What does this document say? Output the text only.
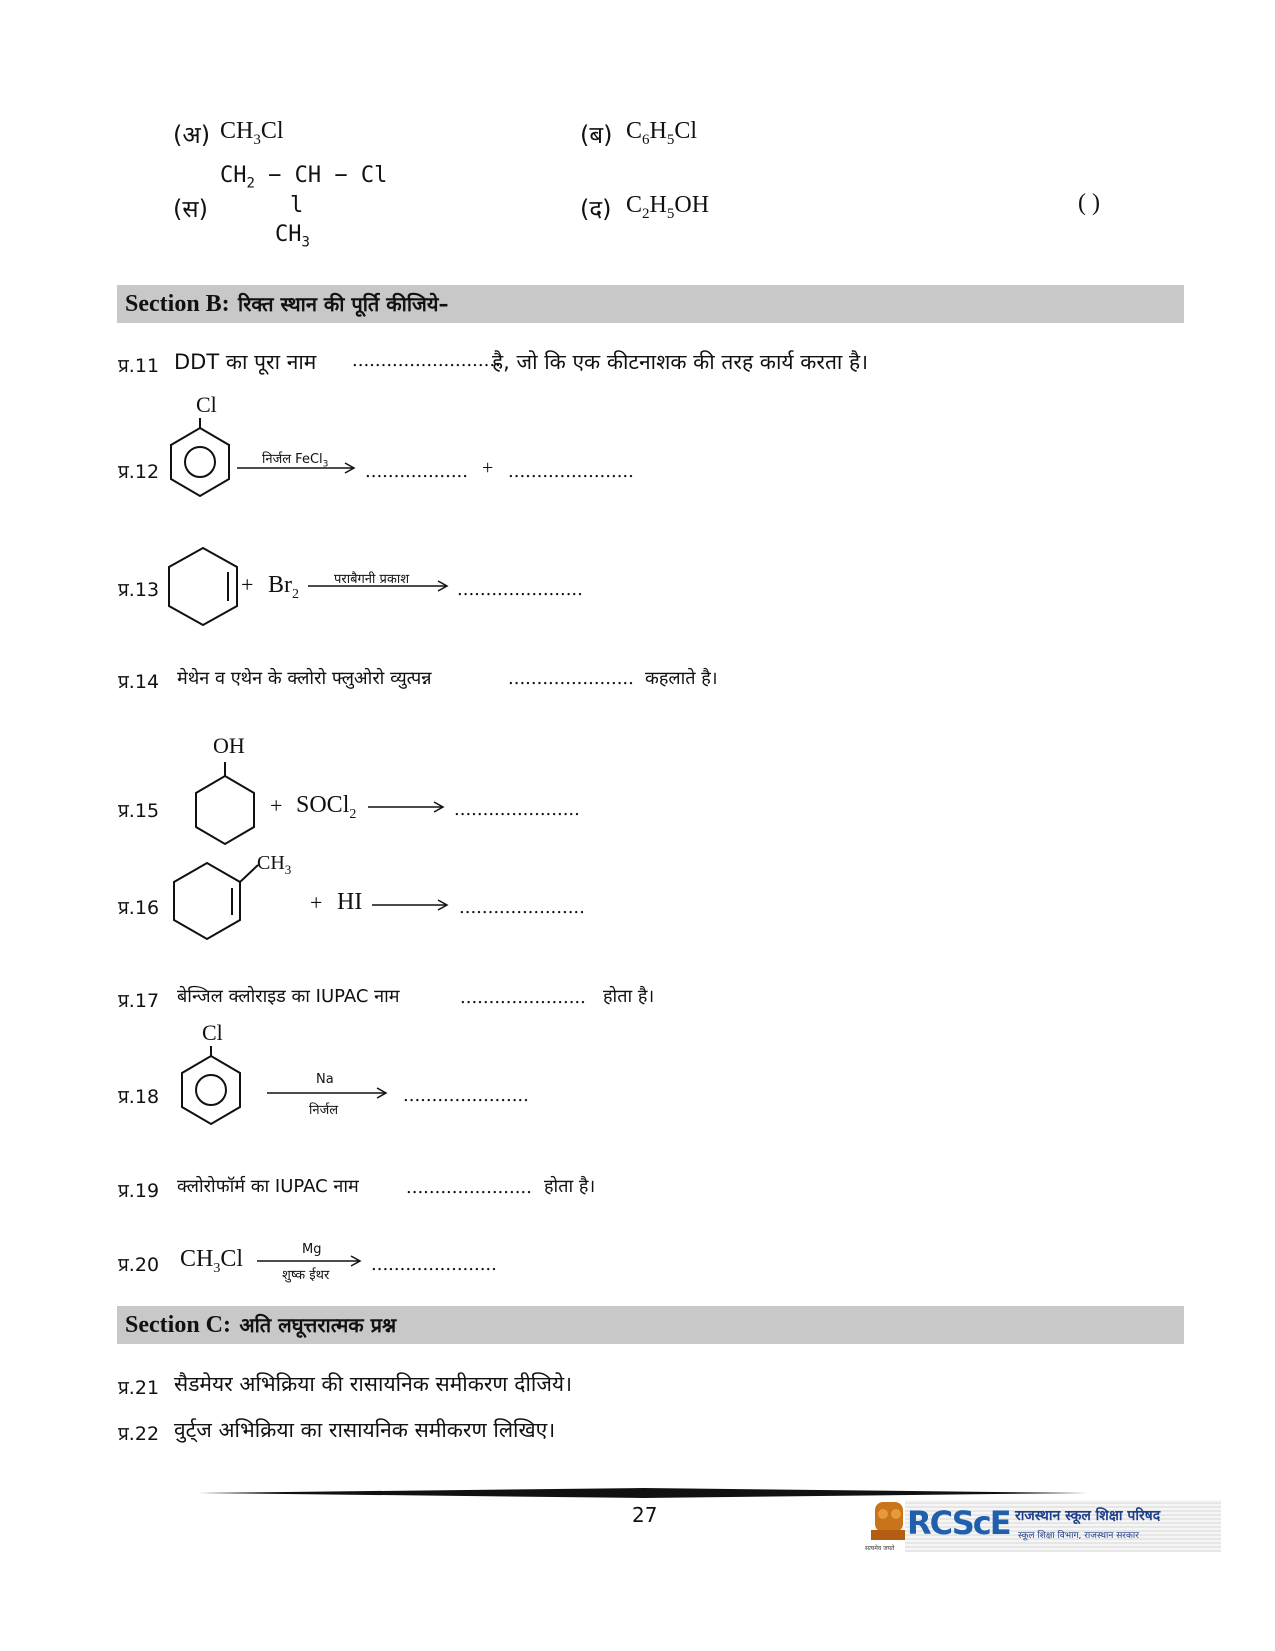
(अ) $CH_3Cl$	(ब) $C_6H_5Cl$
$CH_2$ − CH − Cl
(स)	l
$CH_3$
(द) $C_2H_5OH$	( )
Section B: रिक्त स्थान की पूर्ति कीजिये–
प्र.11 DDT का पूरा नाम ..........................
है, जो कि एक कीटनाशक की तरह कार्य करता है।
प्र.12
Cl
निर्जल FeCl$_3$ .................. + ......................
प्र.13	+ $Br_2$
पराबैगनी प्रकाश	......................
प्र.14 मेथेन व एथेन के क्लोरो फ्लुओरो व्युत्पन्न	...................... कहलाते है।
प्र.15
OH
+ SOCl$_2$	......................
प्र.16
$CH_3$
+ HI	......................
प्र.17 बेन्जिल क्लोराइड का IUPAC नाम	...................... होता है।
प्र.18
Cl
Na
निर्जल
......................
प्र.19 क्लोरोफॉर्म का IUPAC नाम	...................... होता है।
प्र.20 $CH_3Cl$	Mg
शुष्क ईथर
......................
Section C: अति लघूत्तरात्मक प्रश्न
प्र.21 सैडमेयर अभिक्रिया की रासायनिक समीकरण दीजिये।
प्र.22 वुर्ट्ज अभिक्रिया का रासायनिक समीकरण लिखिए।
27
सत्यमेव जयते
RCScE राजस्थान स्कूल शिक्षा परिषद
स्कूल शिक्षा विभाग, राजस्थान सरकार
